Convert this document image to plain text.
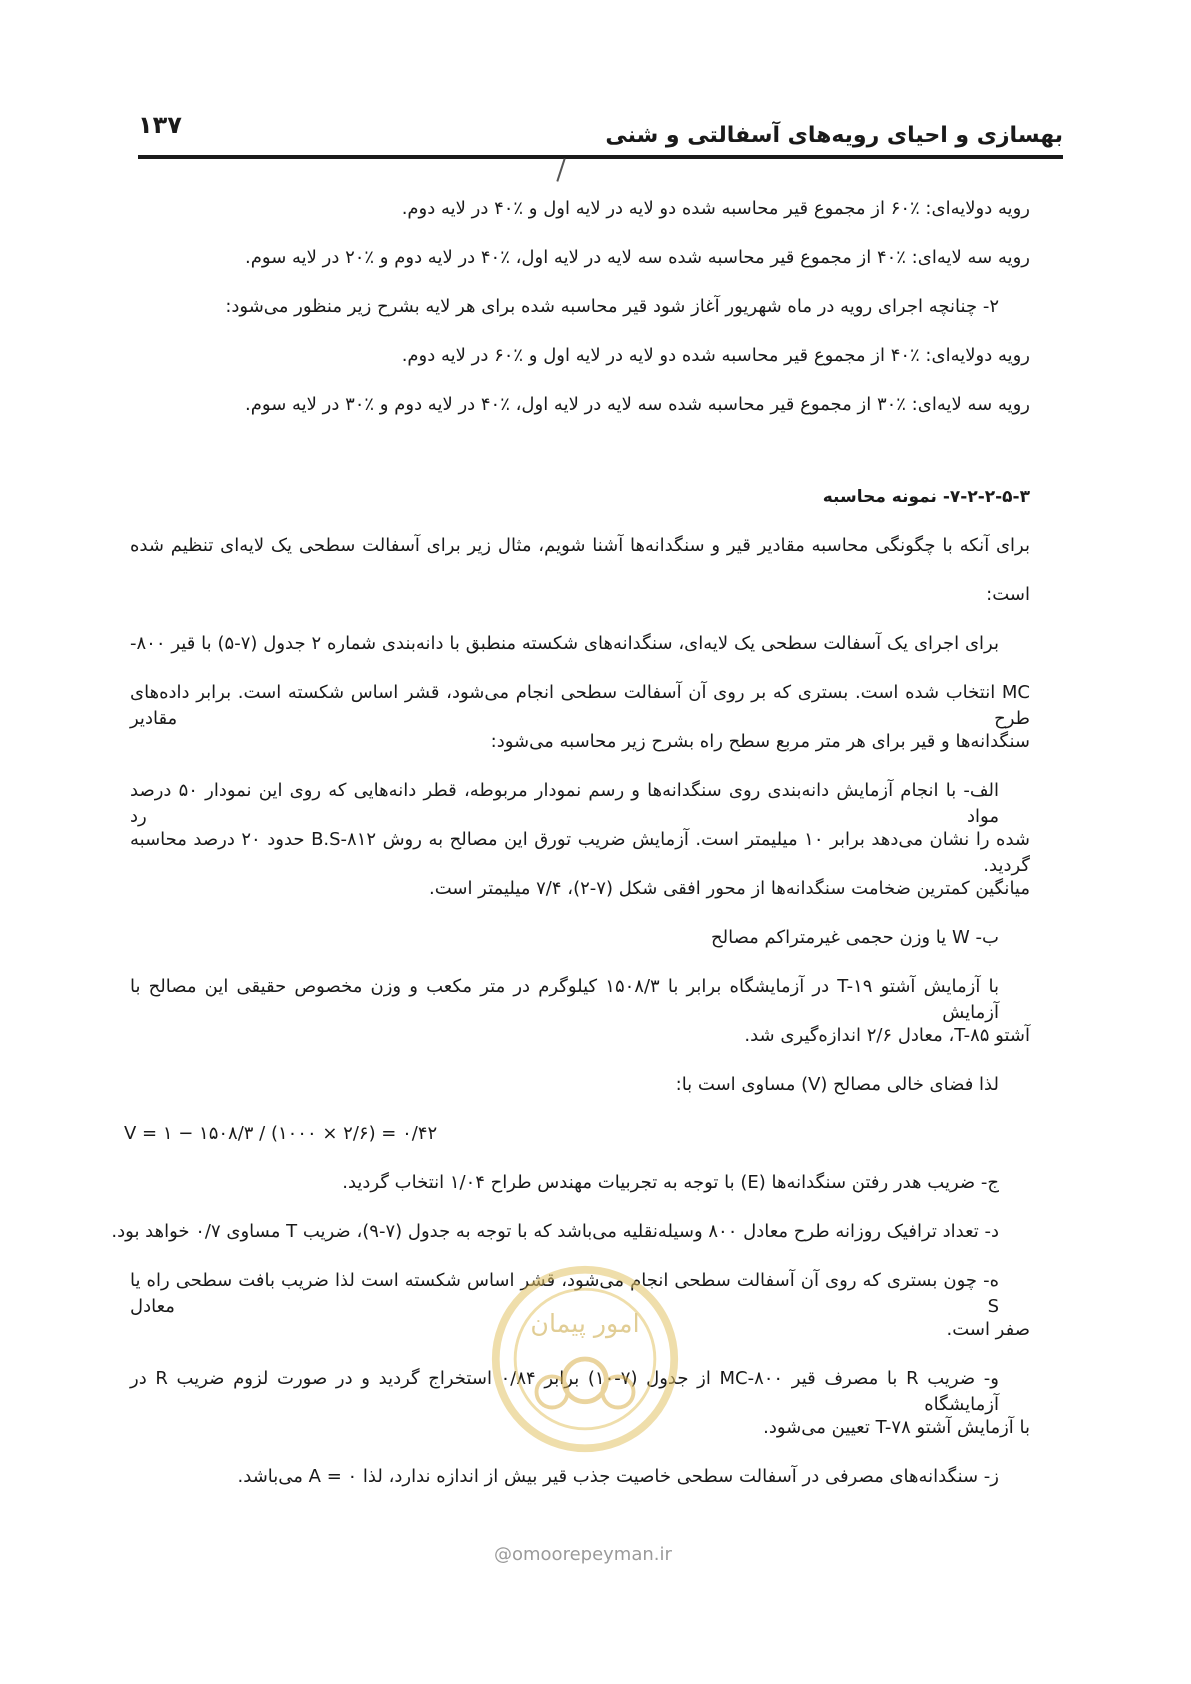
۱۳۷	بهسازی و احیای رویه‌های آسفالتی و شنی
رویه دولایه‌ای: ٪۶۰ از مجموع قیر محاسبه شده دو لایه در لایه اول و ٪۴۰ در لایه دوم.
رویه سه لایه‌ای: ٪۴۰ از مجموع قیر محاسبه شده سه لایه در لایه اول، ٪۴۰ در لایه دوم و ٪۲۰ در لایه سوم.
۲- چنانچه اجرای رویه در ماه شهریور آغاز شود قیر محاسبه شده برای هر لایه بشرح زیر منظور می‌شود:
رویه دولایه‌ای: ٪۴۰ از مجموع قیر محاسبه شده دو لایه در لایه اول و ٪۶۰ در لایه دوم.
رویه سه لایه‌ای: ٪۳۰ از مجموع قیر محاسبه شده سه لایه در لایه اول، ٪۴۰ در لایه دوم و ٪۳۰ در لایه سوم.
۷-۲-۲-۵-۳- نمونه محاسبه
برای آنکه با چگونگی محاسبه مقادیر قیر و سنگدانه‌ها آشنا شویم، مثال زیر برای آسفالت سطحی یک لایه‌ای تنظیم شده
است:
برای اجرای یک آسفالت سطحی یک لایه‌ای، سنگدانه‌های شکسته منطبق با دانه‌بندی شماره ۲ جدول (۷-۵) با قیر ۸۰۰-
MC انتخاب شده است. بستری که بر روی آن آسفالت سطحی انجام می‌شود، قشر اساس شکسته است. برابر داده‌های طرح مقادیر
سنگدانه‌ها و قیر برای هر متر مربع سطح راه بشرح زیر محاسبه می‌شود:
الف- با انجام آزمایش دانه‌بندی روی سنگدانه‌ها و رسم نمودار مربوطه، قطر دانه‌هایی که روی این نمودار ۵۰ درصد مواد رد
شده را نشان می‌دهد برابر ۱۰ میلیمتر است. آزمایش ضریب تورق این مصالح به روش B.S-۸۱۲ حدود ۲۰ درصد محاسبه گردید.
میانگین کمترین ضخامت سنگدانه‌ها از محور افقی شکل (۷-۲)، ۷/۴ میلیمتر است.
ب- W یا وزن حجمی غیرمتراکم مصالح
با آزمایش آشتو T-۱۹ در آزمایشگاه برابر با ۱۵۰۸/۳ کیلوگرم در متر مکعب و وزن مخصوص حقیقی این مصالح با آزمایش
آشتو T-۸۵، معادل ۲/۶ اندازه‌گیری شد.
لذا فضای خالی مصالح (V) مساوی است با:
V = ۱ − ۱۵۰۸/۳ / (۱۰۰۰ × ۲/۶) = ۰/۴۲
ج- ضریب هدر رفتن سنگدانه‌ها (E) با توجه به تجربیات مهندس طراح ۱/۰۴ انتخاب گردید.
د- تعداد ترافیک روزانه طرح معادل ۸۰۰ وسیله‌نقلیه می‌باشد که با توجه به جدول (۷-۹)، ضریب T مساوی ۰/۷ خواهد بود.
ه- چون بستری که روی آن آسفالت سطحی انجام می‌شود، قشر اساس شکسته است لذا ضریب بافت سطحی راه یا S معادل
صفر است.
و- ضریب R با مصرف قیر ۸۰۰-MC از جدول (۷-۱۰) برابر ۰/۸۴ استخراج گردید و در صورت لزوم ضریب R در آزمایشگاه
با آزمایش آشتو T-۷۸ تعیین می‌شود.
ز- سنگدانه‌های مصرفی در آسفالت سطحی خاصیت جذب قیر بیش از اندازه ندارد، لذا ۰ = A می‌باشد.
امور پیمان
@omoorepeyman.ir
